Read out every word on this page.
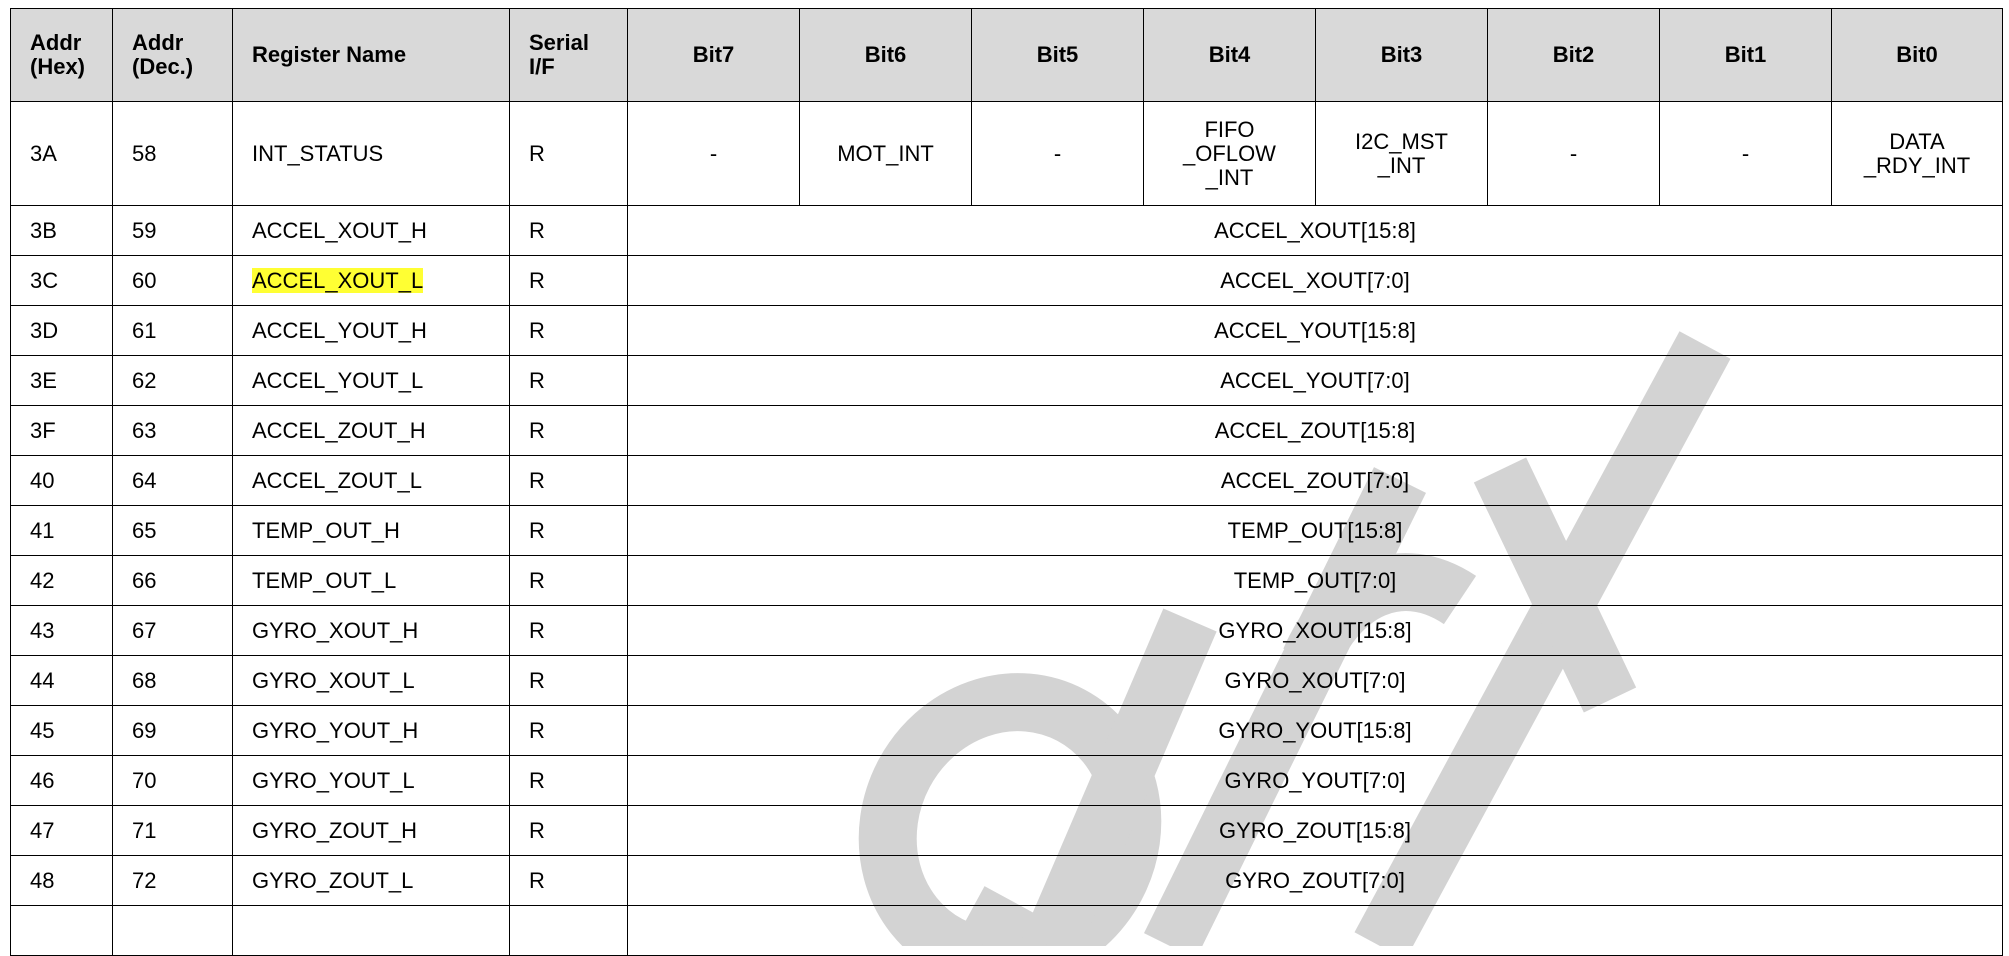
Addr
(Hex)	Addr
(Dec.)	Register Name	Serial
I/F	Bit7	Bit6	Bit5	Bit4	Bit3	Bit2	Bit1	Bit0
3A	58	INT_STATUS	R	-	MOT_INT	-	FIFO
_OFLOW
_INT	I2C_MST
_INT	-	-	DATA
_RDY_INT
3B	59	ACCEL_XOUT_H	R	ACCEL_XOUT[15:8]							
3C	60	ACCEL_XOUT_L	R	ACCEL_XOUT[7:0]							
3D	61	ACCEL_YOUT_H	R	ACCEL_YOUT[15:8]							
3E	62	ACCEL_YOUT_L	R	ACCEL_YOUT[7:0]							
3F	63	ACCEL_ZOUT_H	R	ACCEL_ZOUT[15:8]							
40	64	ACCEL_ZOUT_L	R	ACCEL_ZOUT[7:0]							
41	65	TEMP_OUT_H	R	TEMP_OUT[15:8]							
42	66	TEMP_OUT_L	R	TEMP_OUT[7:0]							
43	67	GYRO_XOUT_H	R	GYRO_XOUT[15:8]							
44	68	GYRO_XOUT_L	R	GYRO_XOUT[7:0]							
45	69	GYRO_YOUT_H	R	GYRO_YOUT[15:8]							
46	70	GYRO_YOUT_L	R	GYRO_YOUT[7:0]							
47	71	GYRO_ZOUT_H	R	GYRO_ZOUT[15:8]							
48	72	GYRO_ZOUT_L	R	GYRO_ZOUT[7:0]							
